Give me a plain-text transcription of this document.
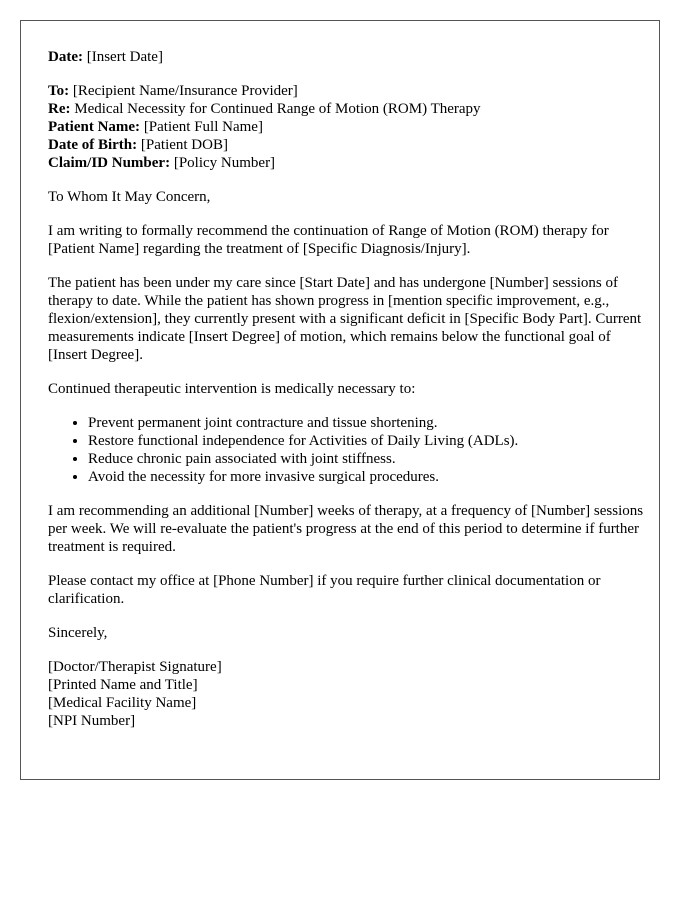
Date: [Insert Date]

To: [Recipient Name/Insurance Provider]
Re: Medical Necessity for Continued Range of Motion (ROM) Therapy
Patient Name: [Patient Full Name]
Date of Birth: [Patient DOB]
Claim/ID Number: [Policy Number]

To Whom It May Concern,

I am writing to formally recommend the continuation of Range of Motion (ROM) therapy for [Patient Name] regarding the treatment of [Specific Diagnosis/Injury].

The patient has been under my care since [Start Date] and has undergone [Number] sessions of therapy to date. While the patient has shown progress in [mention specific improvement, e.g., flexion/extension], they currently present with a significant deficit in [Specific Body Part]. Current measurements indicate [Insert Degree] of motion, which remains below the functional goal of [Insert Degree].

Continued therapeutic intervention is medically necessary to:

• Prevent permanent joint contracture and tissue shortening.
• Restore functional independence for Activities of Daily Living (ADLs).
• Reduce chronic pain associated with joint stiffness.
• Avoid the necessity for more invasive surgical procedures.

I am recommending an additional [Number] weeks of therapy, at a frequency of [Number] sessions per week. We will re-evaluate the patient's progress at the end of this period to determine if further treatment is required.

Please contact my office at [Phone Number] if you require further clinical documentation or clarification.

Sincerely,

[Doctor/Therapist Signature]
[Printed Name and Title]
[Medical Facility Name]
[NPI Number]
